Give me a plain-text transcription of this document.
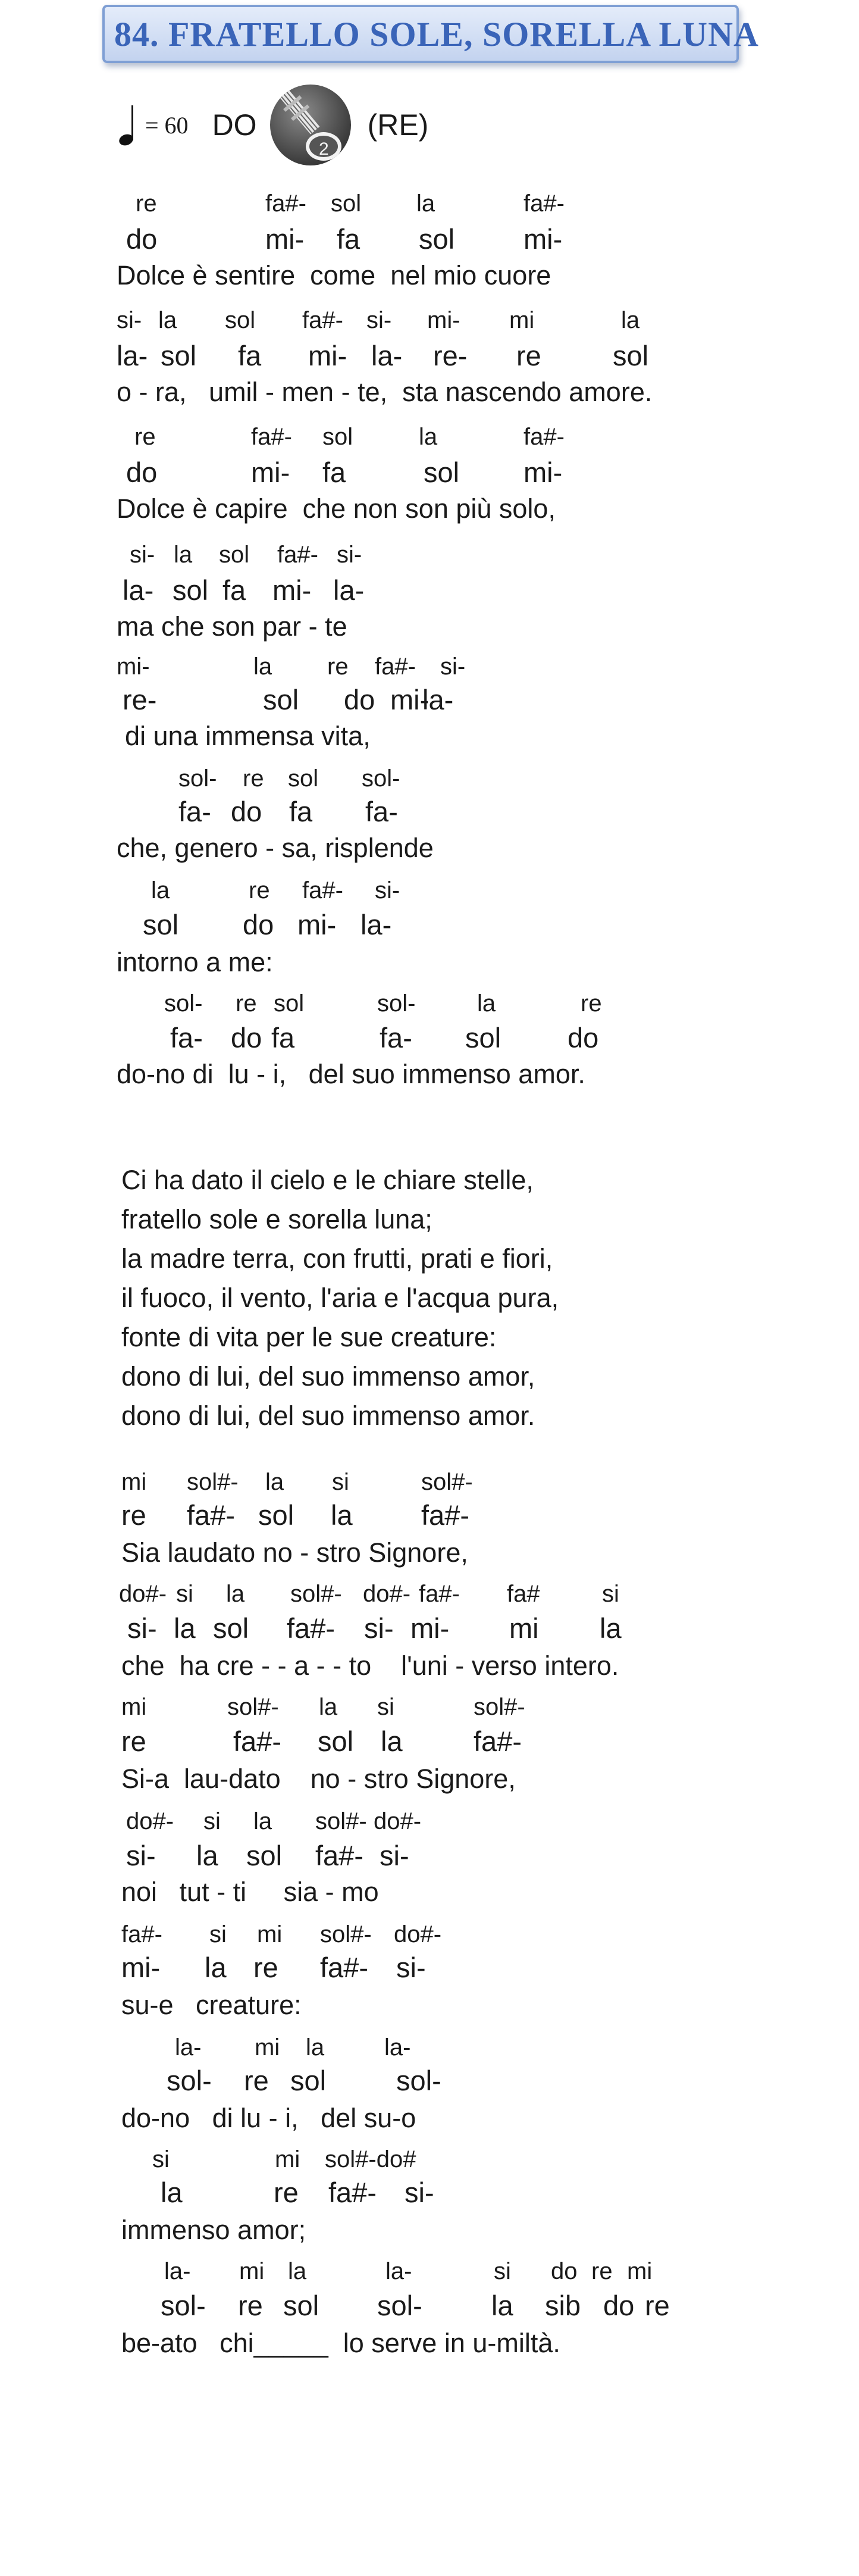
84. FRATELLO SOLE, SORELLA LUNA
= 60 DO
2
(RE)
re	fa#- sol la	fa#-
do	mi- fa sol mi-
Dolce è sentire  come  nel mio cuore
si- la sol fa#- si- mi- mi	la
la- sol fa mi- la- re- re	sol
o - ra,   umil - men - te,  sta nascendo amore.
re	fa#- sol	la	fa#-
do	mi- fa	sol mi-
Dolce è capire  che non son più solo,
si- la sol fa#- si-
la- sol fa mi- la-
ma che son par - te
mi-	la re fa#- si-
re-	sol do mi-
la-
di una immensa vita,
sol- re sol sol-
fa- do fa fa-
che, genero - sa, risplende
la	re fa#- si-
sol do mi- la-
intorno a me:
sol- re sol	sol-	la	re
fa- do fa	fa- sol do
do-no di  lu - i,   del suo immenso amor.
mi sol#- la si	sol#-
re fa#- sol la fa#-
Sia laudato no - stro Signore,
do#- si la sol#- do#- fa#- fa#	si
si- la sol fa#- si- mi- mi la
che  ha cre - - a - - to    l'uni - verso intero.
mi	sol#- la si	sol#-
re	fa#- sol la	fa#-
Si-a  lau-dato    no - stro Signore,
do#- si la sol#- do#-
si- la sol fa#- si-
noi   tut - ti     sia - mo
fa#- si mi sol#- do#-
mi- la re fa#- si-
su-e   creature:
la- mi la	la-
sol- re sol	sol-
do-no   di lu - i,   del su-o
si	mi sol#-do#
la	re fa#- si-
immenso amor;
la- mi la	la-	si do re mi
sol- re sol sol- la sib do re
be-ato   chi_____  lo serve in u-miltà.
Ci ha dato il cielo e le chiare stelle,
fratello sole e sorella luna;
la madre terra, con frutti, prati e fiori,
il fuoco, il vento, l'aria e l'acqua pura,
fonte di vita per le sue creature:
dono di lui, del suo immenso amor,
dono di lui, del suo immenso amor.
